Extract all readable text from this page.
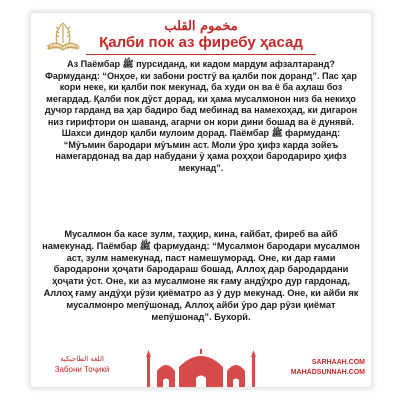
Забони Тоҷикӣ
مخموم القلب
Қалби пок аз фиребу ҳасад
Аз Паёмбар ﷺ пурсиданд, ки кадом мардум афзалтаранд? Фармуданд: “Онҳое, ки забони ростгӯ ва қалби пок доранд”. Пас ҳар кори неке, ки қалби пок мекунад, ба худи он ва ё ба аҳлаш боз мегардад. Қалби пок дӯст дорад, ки ҳама мусалмонон низ ба некиҳо дучор гарданд ва ҳар бадиро бад мебинад ва намехоҳад, ки дигарон низ гирифтори он шаванд, агарчи он кори дини бошад ва ё дунявӣ. Шахси диндор қалби мулоим дорад. Паёмбар ﷺ фармуданд: “Мӯъмин бародари мӯъмин аст. Моли ӯро ҳифз карда зойеъ намегардонад ва дар набудани ӯ ҳама роҳҳои бародариро ҳифз мекунад”.
Мусалмон ба касе зулм, таҳқир, кина, ғайбат, фиреб ва айб намекунад. Паёмбар ﷺ фармуданд: “Мусалмон бародари мусалмон аст, зулм намекунад, паст намешуморад. Оне, ки дар ғами бародарони ҳоҷати бародараш бошад, Аллоҳ дар бародардани ҳоҷати ӯст. Оне, ки аз мусалмоне як ғаму андӯҳро дур гардонад, Аллоҳ ғаму андӯҳи рӯзи қиёматро аз ӯ дур мекунад. Оне, ки айби як мусалмонро мепӯшонад, Аллоҳ айби ӯро дар рӯзи қиёмат мепӯшонад”. Бухорӣ.
اللغة الطاجيكية
Забони Тоҷикӣ
SARHAAH.COM
MAHADSUNNAH.COM
